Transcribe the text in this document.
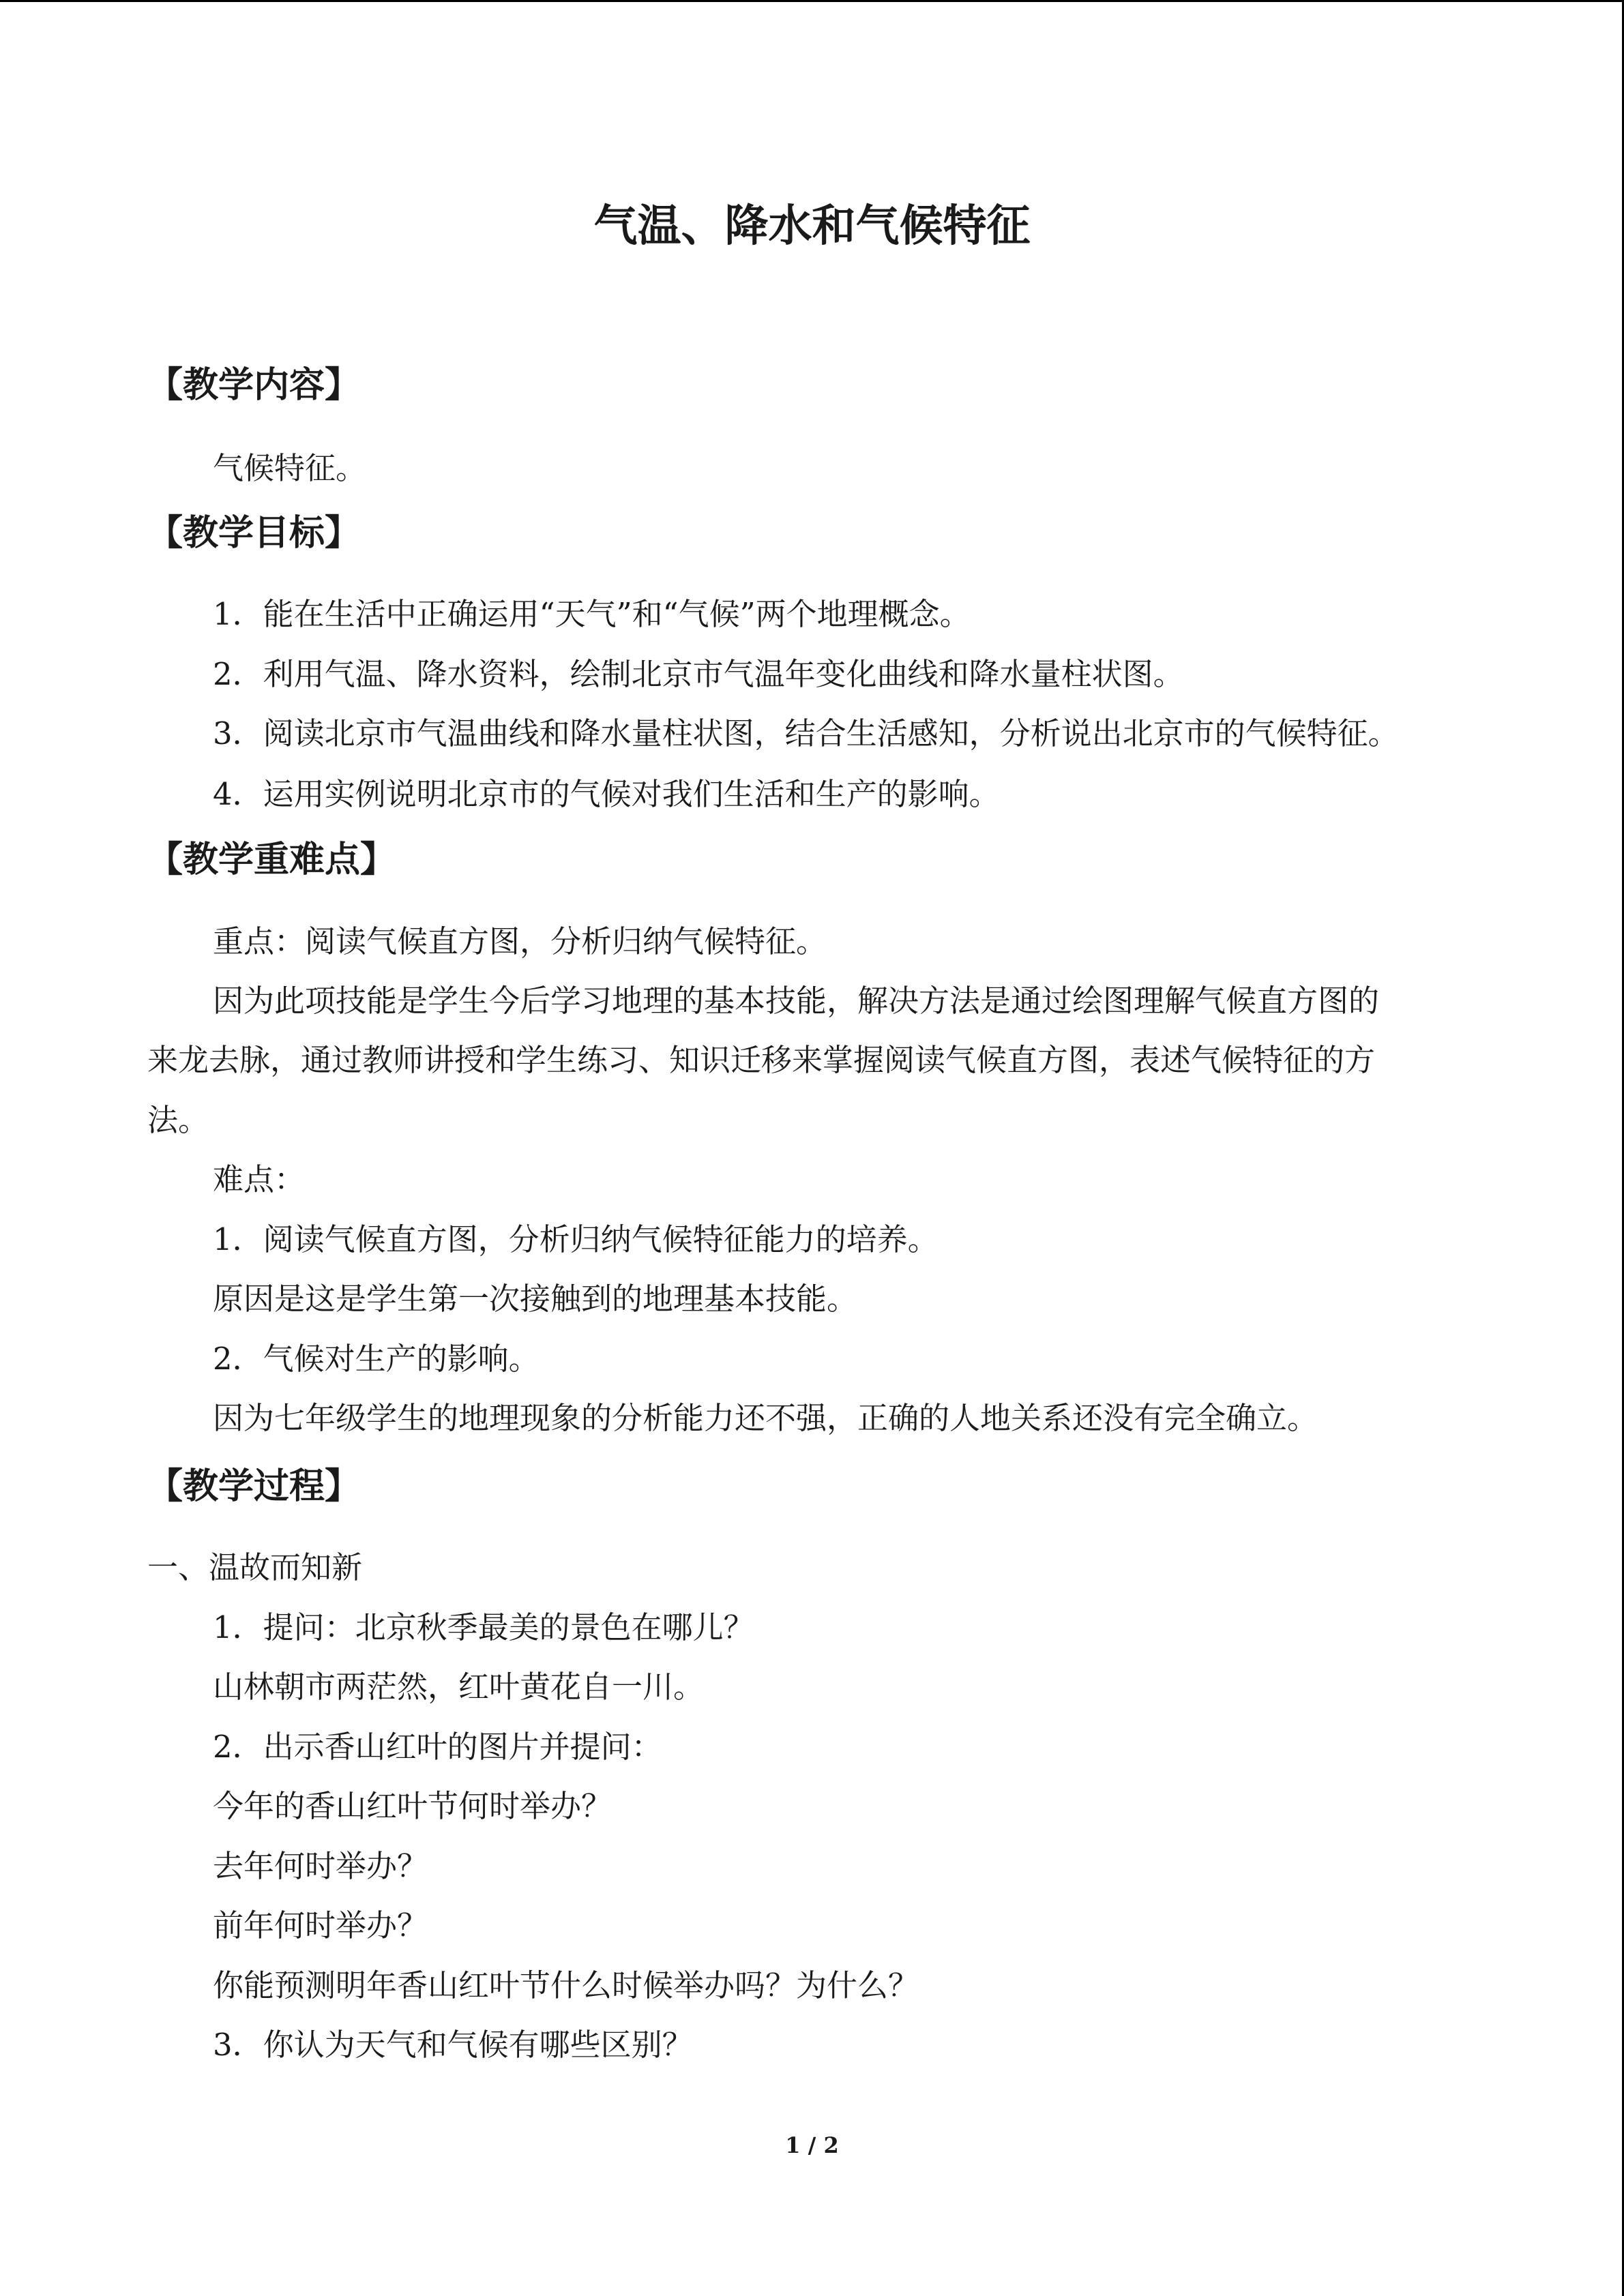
气温、降水和气候特征
【教学内容】
气候特征。
【教学目标】
1．能在生活中正确运用“天气”和“气候”两个地理概念。
2．利用气温、降水资料，绘制北京市气温年变化曲线和降水量柱状图。
3．阅读北京市气温曲线和降水量柱状图，结合生活感知，分析说出北京市的气候特征。
4．运用实例说明北京市的气候对我们生活和生产的影响。
【教学重难点】
重点：阅读气候直方图，分析归纳气候特征。
因为此项技能是学生今后学习地理的基本技能，解决方法是通过绘图理解气候直方图的
来龙去脉，通过教师讲授和学生练习、知识迁移来掌握阅读气候直方图，表述气候特征的方
法。
难点：
1．阅读气候直方图，分析归纳气候特征能力的培养。
原因是这是学生第一次接触到的地理基本技能。
2．气候对生产的影响。
因为七年级学生的地理现象的分析能力还不强，正确的人地关系还没有完全确立。
【教学过程】
一、温故而知新
1．提问：北京秋季最美的景色在哪儿？
山林朝市两茫然，红叶黄花自一川。
2．出示香山红叶的图片并提问：
今年的香山红叶节何时举办？
去年何时举办？
前年何时举办？
你能预测明年香山红叶节什么时候举办吗？为什么？
3．你认为天气和气候有哪些区别？
1 / 2
